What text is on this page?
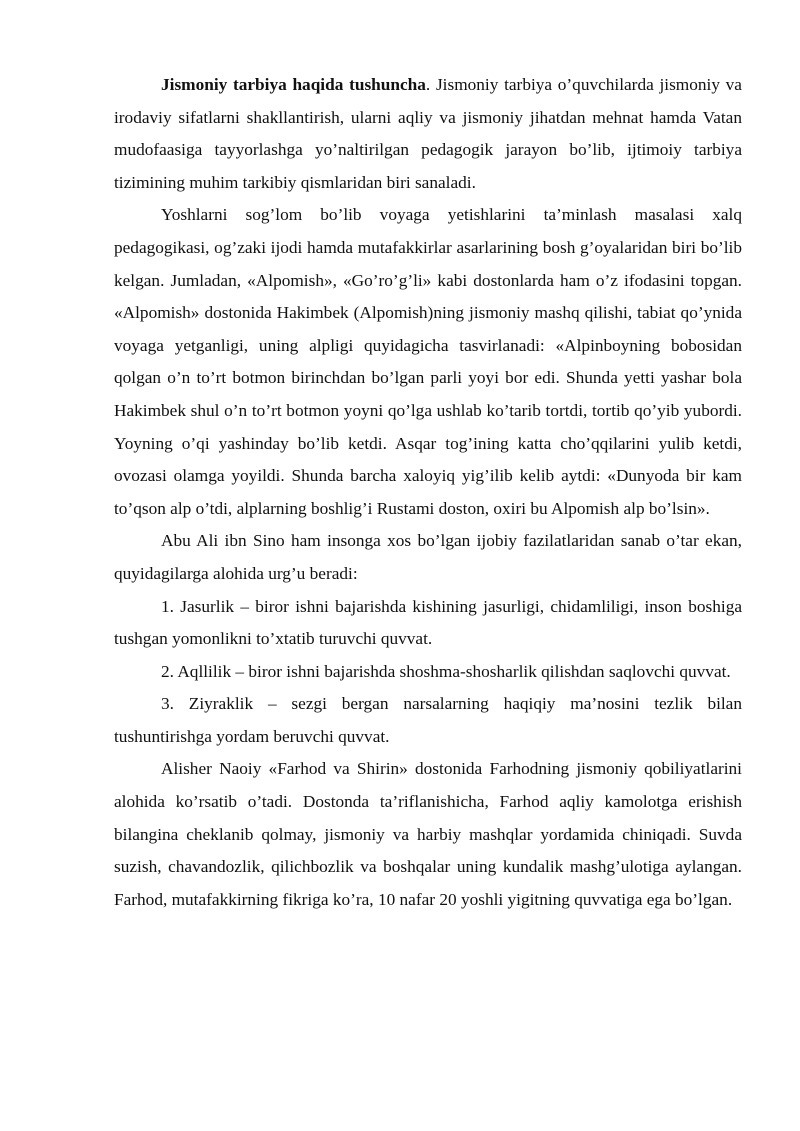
Jismoniy tarbiya haqida tushuncha. Jismoniy tarbiya o’quvchilarda jismoniy va irodaviy sifatlarni shakllantirish, ularni aqliy va jismoniy jihatdan mehnat hamda Vatan mudofaasiga tayyorlashga yo’naltirilgan pedagogik jarayon bo’lib, ijtimoiy tarbiya tizimining muhim tarkibiy qismlaridan biri sanaladi.

Yoshlarni sog’lom bo’lib voyaga yetishlarini ta’minlash masalasi xalq pedagogikasi, og’zaki ijodi hamda mutafakkirlar asarlarining bosh g’oyalaridan biri bo’lib kelgan. Jumladan, «Alpomish», «Go’ro’g’li» kabi dostonlarda ham o’z ifodasini topgan. «Alpomish» dostonida Hakimbek (Alpomish)ning jismoniy mashq qilishi, tabiat qo’ynida voyaga yetganligi, uning alpligi quyidagicha tasvirlanadi: «Alpinboyning bobosidan qolgan o’n to’rt botmon birinchdan bo’lgan parli yoyi bor edi. Shunda yetti yashar bola Hakimbek shul o’n to’rt botmon yoyni qo’lga ushlab ko’tarib tortdi, tortib qo’yib yubordi. Yoyning o’qi yashinday bo’lib ketdi. Asqar tog’ining katta cho’qqilarini yulib ketdi, ovozasi olamga yoyildi. Shunda barcha xaloyiq yig’ilib kelib aytdi: «Dunyoda bir kam to’qson alp o’tdi, alplarning boshlig’i Rustami doston, oxiri bu Alpomish alp bo’lsin».

Abu Ali ibn Sino ham insonga xos bo’lgan ijobiy fazilatlaridan sanab o’tar ekan, quyidagilarga alohida urg’u beradi:

1. Jasurlik – biror ishni bajarishda kishining jasurligi, chidamliligi, inson boshiga tushgan yomonlikni to’xtatib turuvchi quvvat.

2. Aqllilik – biror ishni bajarishda shoshma-shosharlik qilishdan saqlovchi quvvat.

3. Ziyraklik – sezgi bergan narsalarning haqiqiy ma’nosini tezlik bilan tushuntirishga yordam beruvchi quvvat.

Alisher Naoiy «Farhod va Shirin» dostonida Farhodning jismoniy qobiliyatlarini alohida ko’rsatib o’tadi. Dostonda ta’riflanishicha, Farhod aqliy kamolotga erishish bilangina cheklanib qolmay, jismoniy va harbiy mashqlar yordamida chiniqadi. Suvda suzish, chavandozlik, qilichbozlik va boshqalar uning kundalik mashg’ulotiga aylangan. Farhod, mutafakkirning fikriga ko’ra, 10 nafar 20 yoshli yigitning quvvatiga ega bo’lgan.
